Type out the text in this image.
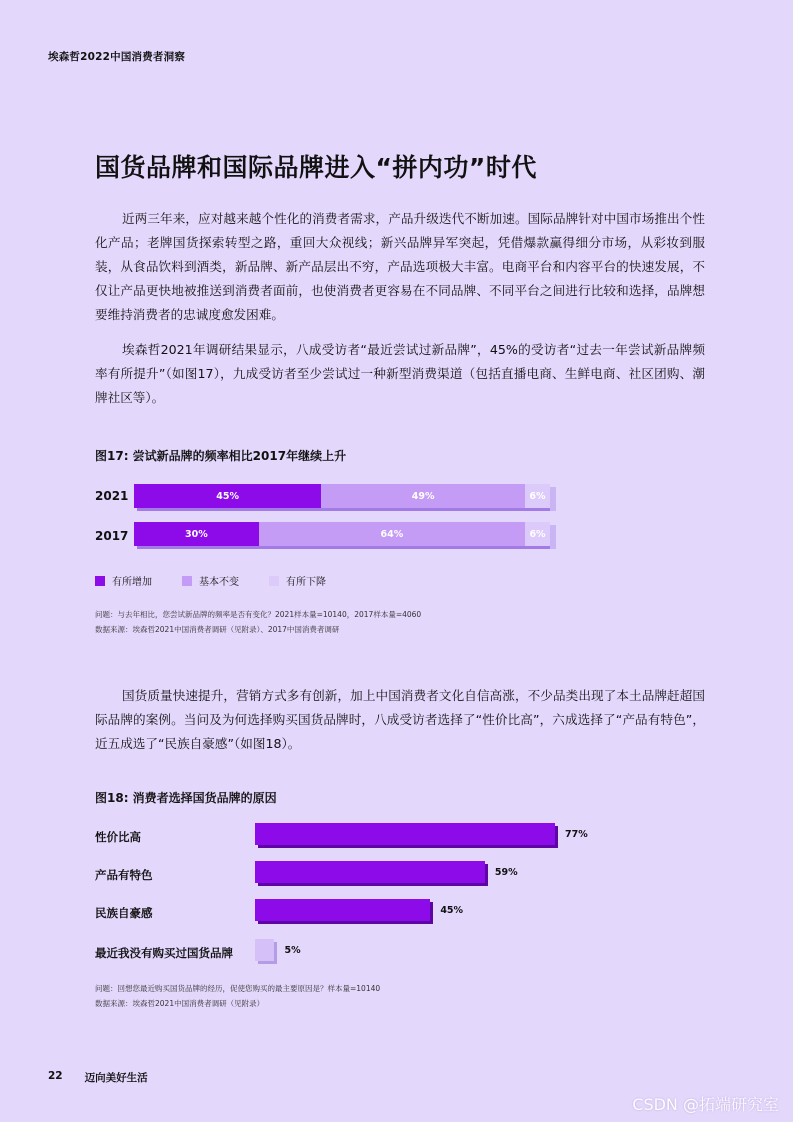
埃森哲2022中国消费者洞察
国货品牌和国际品牌进入“拼内功”时代

近两三年来，应对越来越个性化的消费者需求，产品升级迭代不断加速。国际品牌针对中国市场推出个性化产品；老牌国货探索转型之路，重回大众视线；新兴品牌异军突起，凭借爆款赢得细分市场，从彩妆到服装，从食品饮料到酒类，新品牌、新产品层出不穷，产品选项极大丰富。电商平台和内容平台的快速发展，不仅让产品更快地被推送到消费者面前，也使消费者更容易在不同品牌、不同平台之间进行比较和选择，品牌想要维持消费者的忠诚度愈发困难。

埃森哲2021年调研结果显示，八成受访者“最近尝试过新品牌”，45%的受访者“过去一年尝试新品牌频率有所提升”（如图17），九成受访者至少尝试过一种新型消费渠道（包括直播电商、生鲜电商、社区团购、潮牌社区等）。

图17: 尝试新品牌的频率相比2017年继续上升
2021	45%	49%	6%
2017	30%	64%	6%
有所增加	基本不变	有所下降

问题：与去年相比，您尝试新品牌的频率是否有变化？2021样本量=10140，2017样本量=4060

数据来源：埃森哲2021中国消费者调研（见附录）、2017中国消费者调研

国货质量快速提升，营销方式多有创新，加上中国消费者文化自信高涨，不少品类出现了本土品牌赶超国际品牌的案例。当问及为何选择购买国货品牌时，八成受访者选择了“性价比高”，六成选择了“产品有特色”，近五成选了“民族自豪感”（如图18）。

图18: 消费者选择国货品牌的原因
性价比高	77%
产品有特色	59%
民族自豪感	45%
最近我没有购买过国货品牌	5%

问题：回想您最近购买国货品牌的经历，促使您购买的最主要原因是？样本量=10140

数据来源：埃森哲2021中国消费者调研（见附录）

22 迈向美好生活
CSDN @拓端研究室
